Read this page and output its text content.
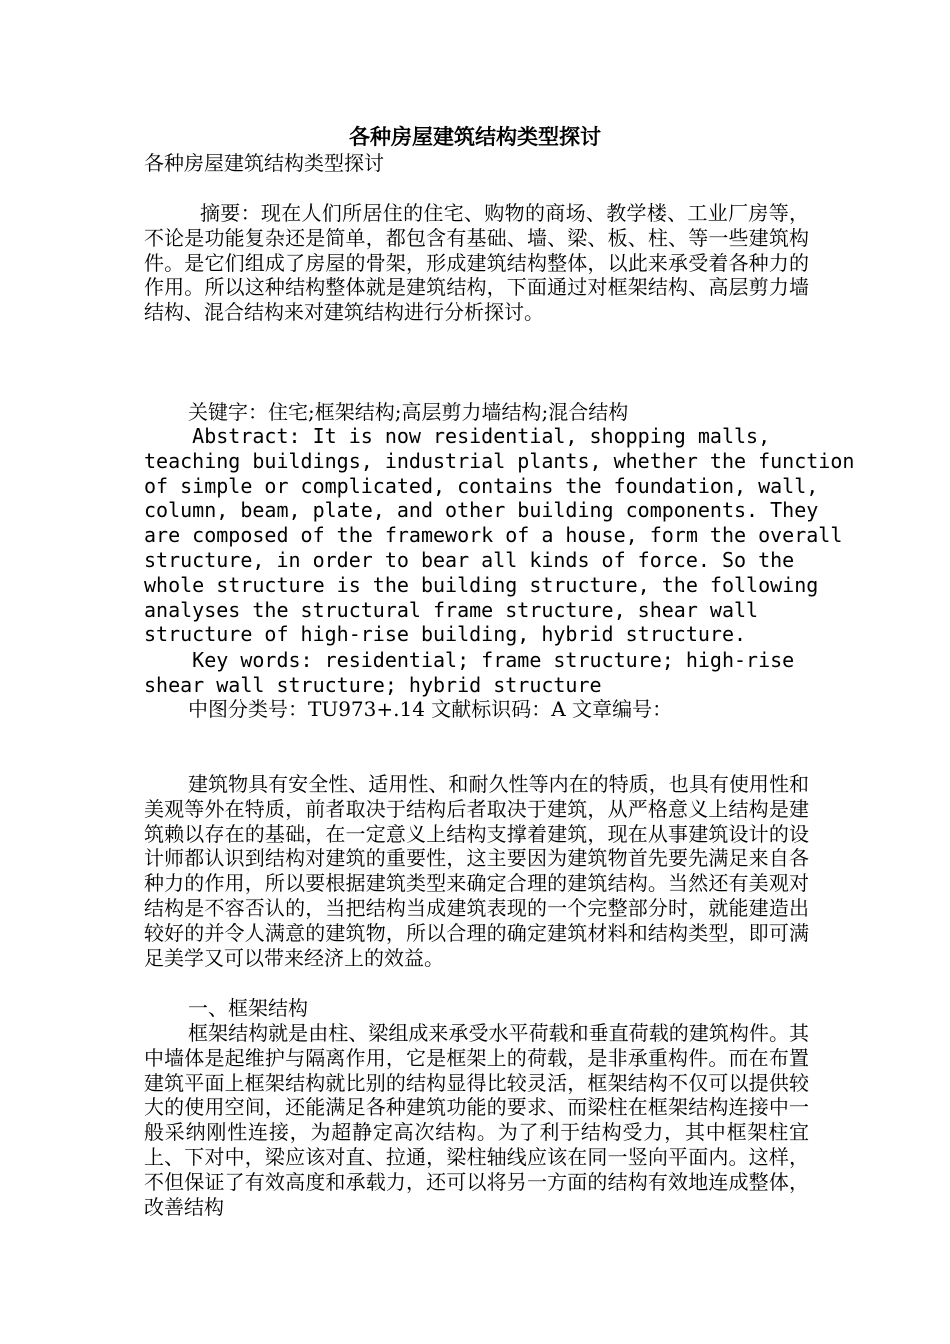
各种房屋建筑结构类型探讨

各种房屋建筑结构类型探讨

摘要：现在人们所居住的住宅、购物的商场、教学楼、工业厂房等，不论是功能复杂还是简单，都包含有基础、墙、梁、板、柱、等一些建筑构件。是它们组成了房屋的骨架，形成建筑结构整体，以此来承受着各种力的作用。所以这种结构整体就是建筑结构，下面通过对框架结构、高层剪力墙结构、混合结构来对建筑结构进行分析探讨。

关键字：住宅;框架结构;高层剪力墙结构;混合结构

Abstract: It is now residential, shopping malls,
teaching buildings, industrial plants, whether the function
of simple or complicated, contains the foundation, wall,
column, beam, plate, and other building components. They
are composed of the framework of a house, form the overall
structure, in order to bear all kinds of force. So the
whole structure is the building structure, the following
analyses the structural frame structure, shear wall
structure of high-rise building, hybrid structure.
Key words: residential; frame structure; high-rise
shear wall structure; hybrid structure

中图分类号：TU973+.14 文献标识码：A 文章编号：

建筑物具有安全性、适用性、和耐久性等内在的特质，也具有使用性和美观等外在特质，前者取决于结构后者取决于建筑，从严格意义上结构是建筑赖以存在的基础，在一定意义上结构支撑着建筑，现在从事建筑设计的设计师都认识到结构对建筑的重要性，这主要因为建筑物首先要先满足来自各种力的作用，所以要根据建筑类型来确定合理的建筑结构。当然还有美观对结构是不容否认的，当把结构当成建筑表现的一个完整部分时，就能建造出较好的并令人满意的建筑物，所以合理的确定建筑材料和结构类型，即可满足美学又可以带来经济上的效益。

一、框架结构

框架结构就是由柱、梁组成来承受水平荷载和垂直荷载的建筑构件。其中墙体是起维护与隔离作用，它是框架上的荷载，是非承重构件。而在布置建筑平面上框架结构就比别的结构显得比较灵活，框架结构不仅可以提供较大的使用空间，还能满足各种建筑功能的要求、而梁柱在框架结构连接中一般采纳刚性连接，为超静定高次结构。为了利于结构受力，其中框架柱宜上、下对中，梁应该对直、拉通，梁柱轴线应该在同一竖向平面内。这样，不但保证了有效高度和承载力，还可以将另一方面的结构有效地连成整体，改善结构
